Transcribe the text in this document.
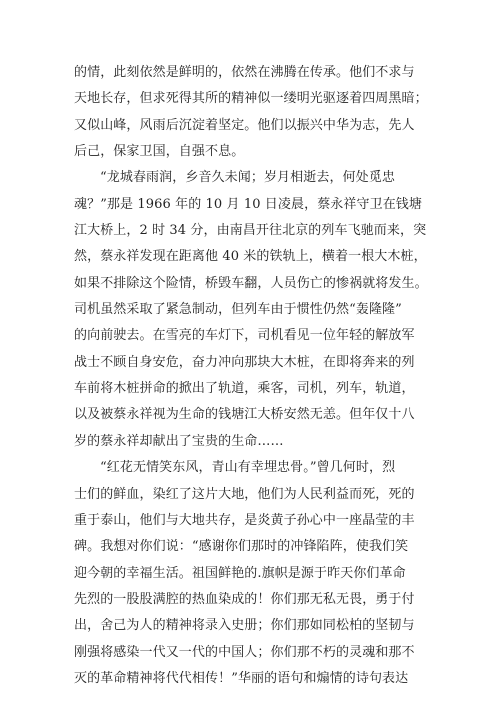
的情，此刻依然是鲜明的，依然在沸腾在传承。他们不求与
天地长存，但求死得其所的精神似一缕明光驱逐着四周黑暗；
又似山峰，风雨后沉淀着坚定。他们以振兴中华为志，先人
后己，保家卫国，自强不息。
“龙城春雨润，乡音久未闻；岁月相逝去，何处觅忠
魂？”那是 1966 年的 10 月 10 日凌晨，蔡永祥守卫在钱塘
江大桥上，2 时 34 分，由南昌开往北京的列车飞驰而来，突
然，蔡永祥发现在距离他 40 米的铁轨上，横着一根大木桩，
如果不排除这个险情，桥毁车翻，人员伤亡的惨祸就将发生。
司机虽然采取了紧急制动，但列车由于惯性仍然“轰隆隆”
的向前驶去。在雪亮的车灯下，司机看见一位年轻的解放军
战士不顾自身安危，奋力冲向那块大木桩，在即将奔来的列
车前将木桩拼命的掀出了轨道，乘客，司机，列车，轨道，
以及被蔡永祥视为生命的钱塘江大桥安然无恙。但年仅十八
岁的蔡永祥却献出了宝贵的生命……
“红花无情笑东风，青山有幸埋忠骨。”曾几何时，烈
士们的鲜血，染红了这片大地，他们为人民利益而死，死的
重于泰山，他们与大地共存，是炎黄子孙心中一座晶莹的丰
碑。我想对你们说：“感谢你们那时的冲锋陷阵，使我们笑
迎今朝的幸福生活。祖国鲜艳的.旗帜是源于昨天你们革命
先烈的一股股满腔的热血染成的！你们那无私无畏，勇于付
出，舍己为人的精神将录入史册；你们那如同松柏的坚韧与
刚强将感染一代又一代的中国人；你们那不朽的灵魂和那不
灭的革命精神将代代相传！”华丽的语句和煽情的诗句表达
